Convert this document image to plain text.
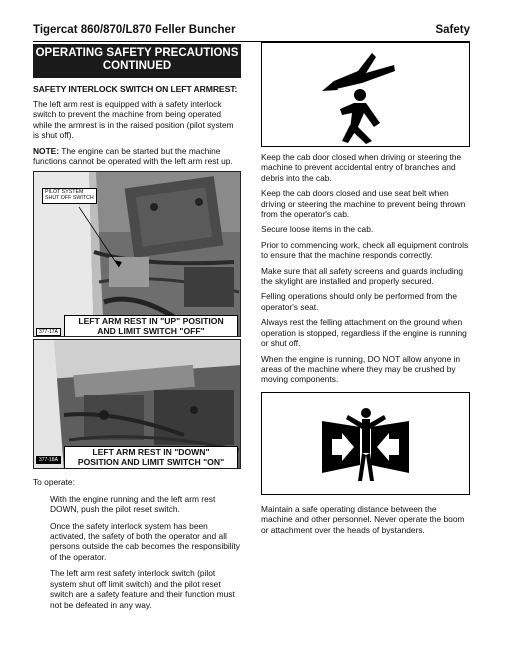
Tigercat 860/870/L870 Feller Buncher	Safety
OPERATING SAFETY PRECAUTIONS
CONTINUED
SAFETY INTERLOCK SWITCH ON LEFT ARMREST:

The left arm rest is equipped with a safety interlock switch to prevent the machine from being operated while the armrest is in the raised position (pilot system is shut off).

NOTE: The engine can be started but the machine functions cannot be operated with the left arm rest up.

PILOT SYSTEM
SHUT OFF SWITCH
LEFT ARM REST IN "UP" POSITION
AND LIMIT SWITCH "OFF"
377-17A
LEFT ARM REST IN "DOWN"
POSITION AND LIMIT SWITCH "ON"
377-18A

To operate:

With the engine running and the left arm rest DOWN, push the pilot reset switch.

Once the safety interlock system has been activated, the safety of both the operator and all persons outside the cab becomes the responsibility of the operator.

The left arm rest safety interlock switch (pilot system shut off limit switch) and the pilot reset switch are a safety feature and their function must not be defeated in any way.

Keep the cab door closed when driving or steering the machine to prevent accidental entry of branches and debris into the cab.

Keep the cab doors closed and use seat belt when driving or steering the machine to prevent being thrown from the operator's cab.

Secure loose items in the cab.

Prior to commencing work, check all equipment controls to ensure that the machine responds correctly.

Make sure that all safety screens and guards including the skylight are installed and properly secured.

Felling operations should only be performed from the operator's seat.

Always rest the felling attachment on the ground when operation is stopped, regardless if the engine is running or shut off.

When the engine is running, DO NOT allow anyone in areas of the machine where they may be crushed by moving components.

Maintain a safe operating distance between the machine and other personnel. Never operate the boom or attachment over the heads of bystanders.
